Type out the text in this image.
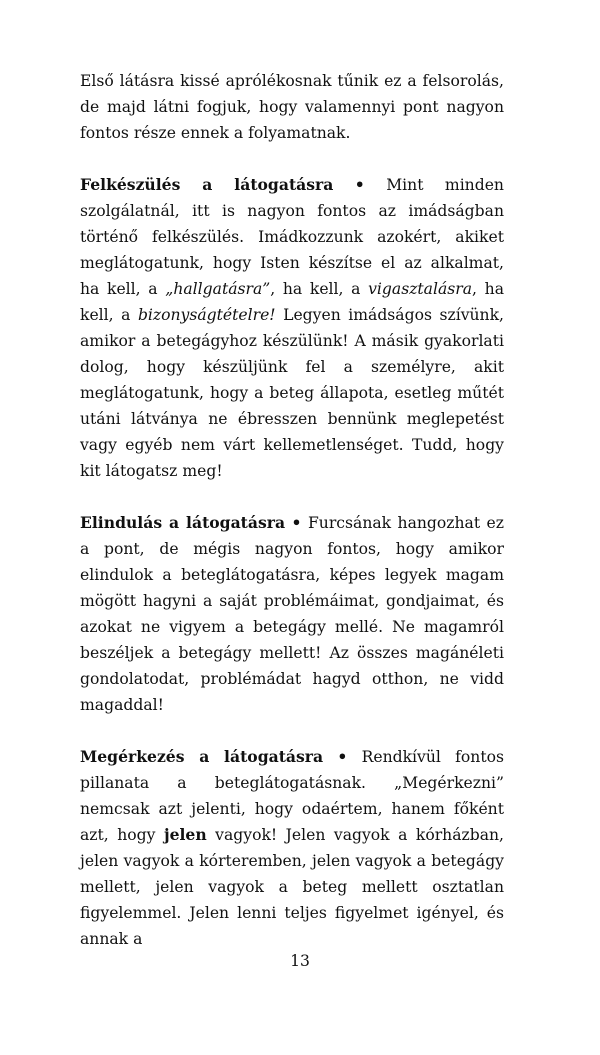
Első látásra kissé aprólékosnak tűnik ez a felsorolás, de majd látni fogjuk, hogy valamennyi pont nagyon fontos része ennek a folyamatnak.

Felkészülés a látogatásra • Mint minden szolgálatnál, itt is nagyon fontos az imádságban történő felkészülés. Imádkozzunk azokért, akiket meglátogatunk, hogy Isten készítse el az alkalmat, ha kell, a „hallgatásra”, ha kell, a vigasztalásra, ha kell, a bizonyságtételre! Legyen imádságos szívünk, amikor a betegágyhoz készülünk! A másik gyakorlati dolog, hogy készüljünk fel a személyre, akit meglátogatunk, hogy a beteg állapota, esetleg műtét utáni látványa ne ébresszen bennünk meglepetést vagy egyéb nem várt kellemetlenséget. Tudd, hogy kit látogatsz meg!

Elindulás a látogatásra • Furcsának hangozhat ez a pont, de mégis nagyon fontos, hogy amikor elindulok a beteglátogatásra, képes legyek magam mögött hagyni a saját problémáimat, gondjaimat, és azokat ne vigyem a betegágy mellé. Ne magamról beszéljek a betegágy mellett! Az összes magánéleti gondolatodat, problémádat hagyd otthon, ne vidd magaddal!

Megérkezés a látogatásra • Rendkívül fontos pillanata a beteglátogatásnak. „Megérkezni” nemcsak azt jelenti, hogy odaértem, hanem főként azt, hogy jelen vagyok! Jelen vagyok a kórházban, jelen vagyok a kórteremben, jelen vagyok a betegágy mellett, jelen vagyok a beteg mellett osztatlan figyelemmel. Jelen lenni teljes figyelmet igényel, és annak a

13
